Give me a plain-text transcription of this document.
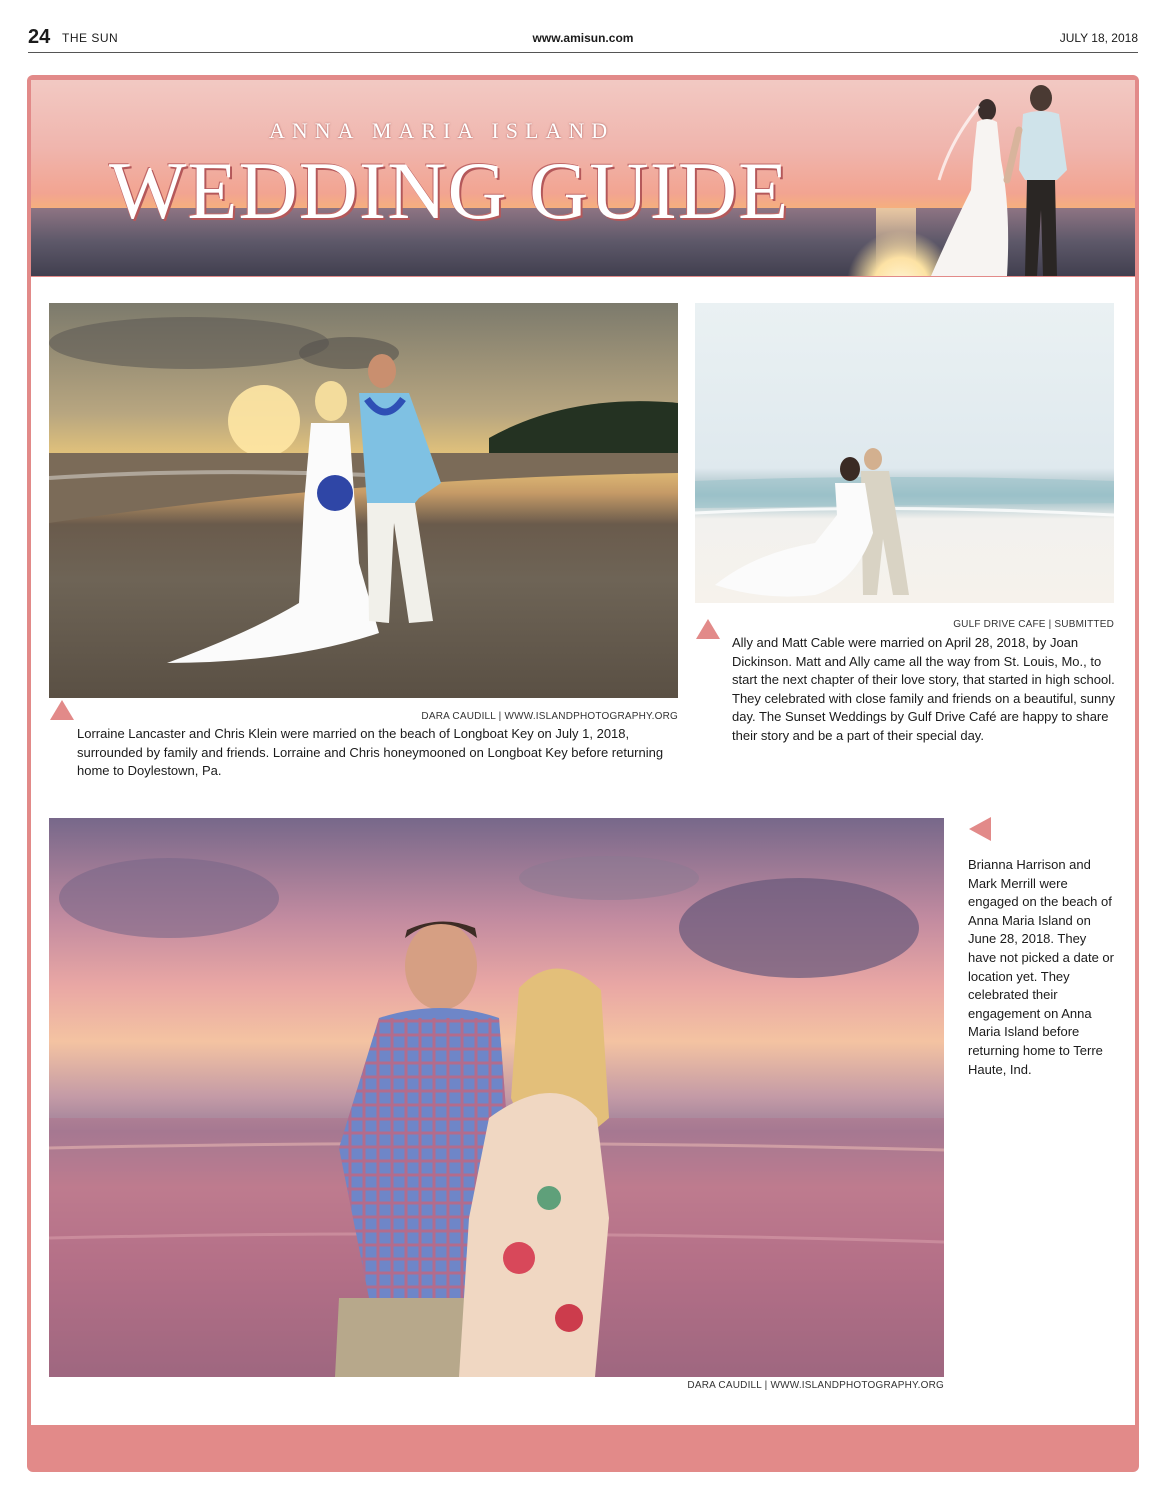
24 THE SUN	www.amisun.com	JULY 18, 2018
ANNA MARIA ISLAND
WEDDING GUIDE
DARA CAUDILL | WWW.ISLANDPHOTOGRAPHY.ORG
Lorraine Lancaster and Chris Klein were married on the beach of Longboat Key on July 1, 2018, surrounded by family and friends. Lorraine and Chris honeymooned on Longboat Key before returning home to Doylestown, Pa.
GULF DRIVE CAFE | SUBMITTED
Ally and Matt Cable were married on April 28, 2018, by Joan Dickinson. Matt and Ally came all the way from St. Louis, Mo., to start the next chapter of their love story, that started in high school. They celebrated with close family and friends on a beautiful, sunny day. The Sunset Weddings by Gulf Drive Café are happy to share their story and be a part of their special day.
DARA CAUDILL | WWW.ISLANDPHOTOGRAPHY.ORG
Brianna Harrison and Mark Merrill were engaged on the beach of Anna Maria Island on June 28, 2018. They have not picked a date or location yet. They celebrated their engagement on Anna Maria Island before returning home to Terre Haute, Ind.
